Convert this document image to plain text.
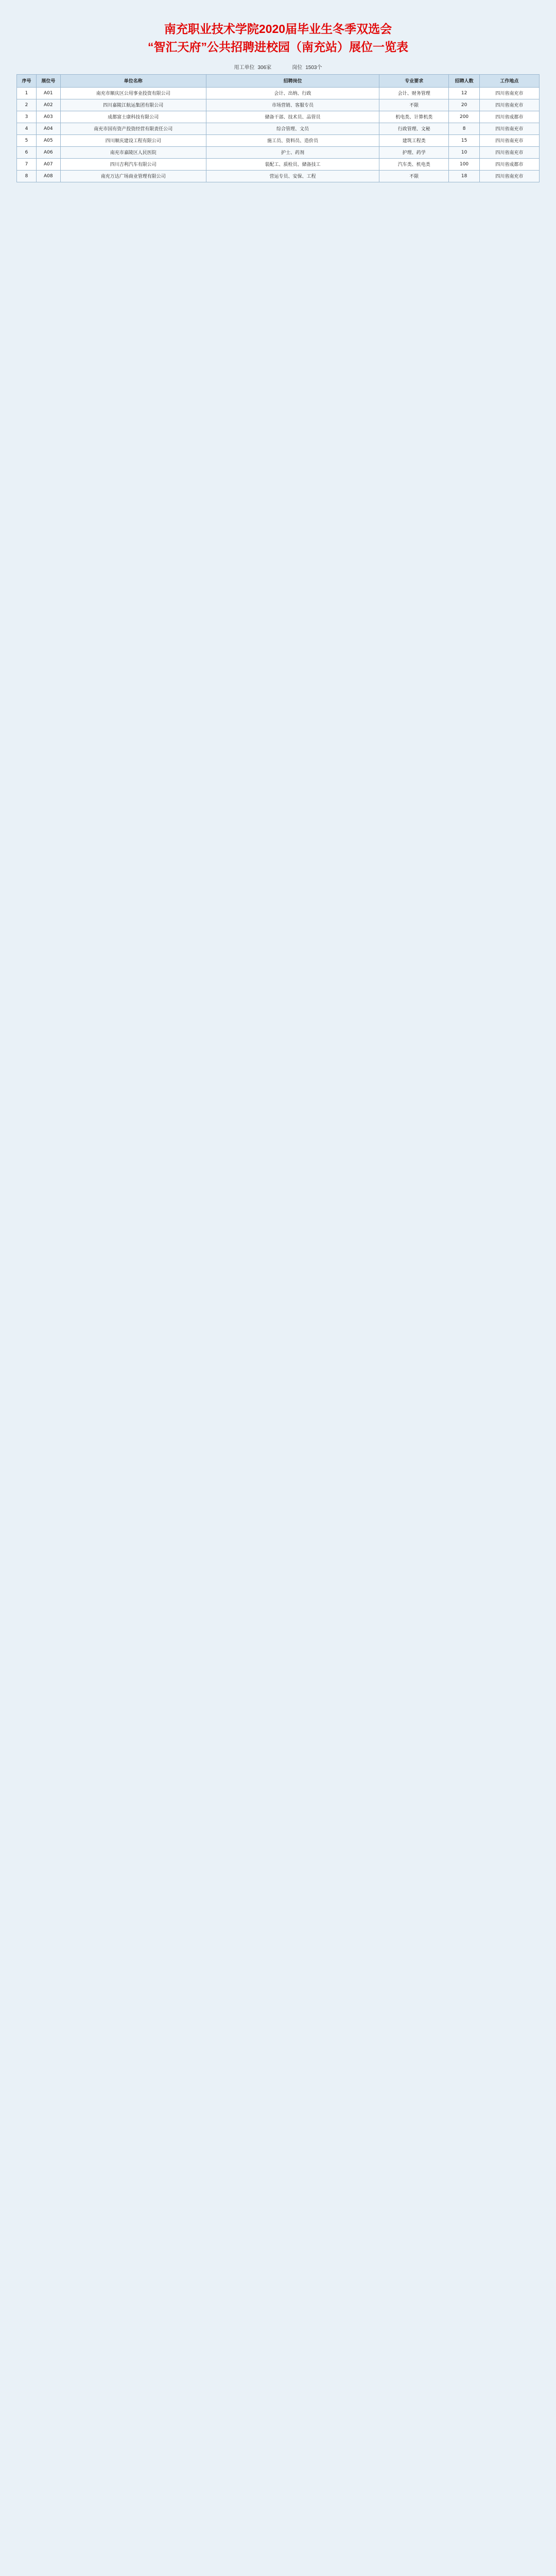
南充职业技术学院2020届毕业生冬季双选会
“智汇天府”公共招聘进校园（南充站）展位一览表
用工单位 306家	岗位 1503个
序号	展位号	单位名称	招聘岗位	专业要求	招聘人数	工作地点
1	A01	南充市顺庆区公用事业投资有限公司	会计、出纳、行政	会计、财务管理	12	四川省南充市
2	A02	四川嘉陵江航运集团有限公司	市场营销、客服专员	不限	20	四川省南充市
3	A03	成都富士康科技有限公司	储备干部、技术员、品管员	机电类、计算机类	200	四川省成都市
4	A04	南充市国有资产投资经营有限责任公司	综合管理、文员	行政管理、文秘	8	四川省南充市
5	A05	四川顺庆建设工程有限公司	施工员、资料员、造价员	建筑工程类	15	四川省南充市
6	A06	南充市嘉陵区人民医院	护士、药剂	护理、药学	10	四川省南充市
7	A07	四川吉利汽车有限公司	装配工、质检员、储备技工	汽车类、机电类	100	四川省成都市
8	A08	南充万达广场商业管理有限公司	营运专员、安保、工程	不限	18	四川省南充市
